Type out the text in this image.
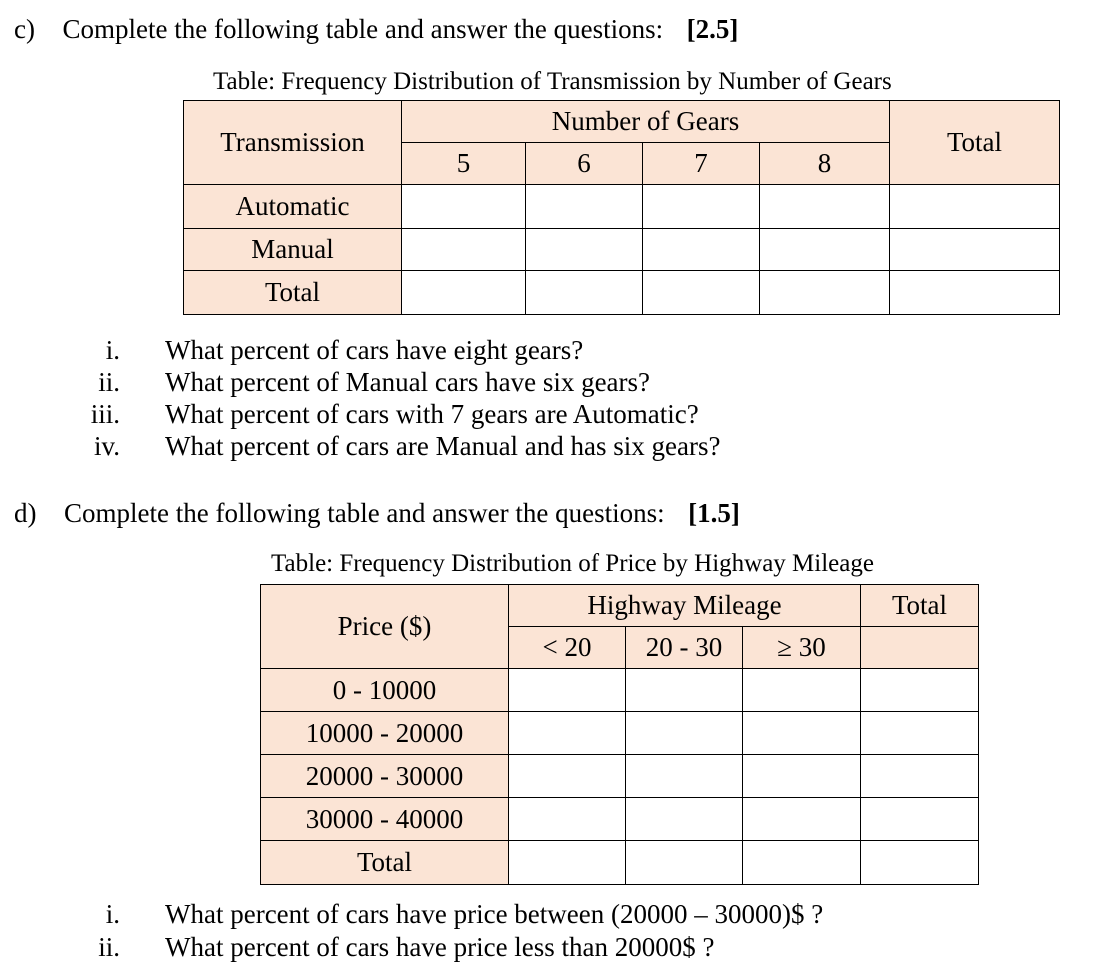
c) Complete the following table and answer the questions: [2.5]
Table: Frequency Distribution of Transmission by Number of Gears
Transmission	Number of Gears				Total
	5	6	7	8	
Automatic					
Manual					
Total					
i. What percent of cars have eight gears?
ii. What percent of Manual cars have six gears?
iii. What percent of cars with 7 gears are Automatic?
iv. What percent of cars are Manual and has six gears?
d) Complete the following table and answer the questions: [1.5]
Table: Frequency Distribution of Price by Highway Mileage
Price ($)	Highway Mileage			Total
	< 20	20 - 30	≥ 30	
0 - 10000				
10000 - 20000				
20000 - 30000				
30000 - 40000				
Total				
i. What percent of cars have price between (20000 – 30000)$ ?
ii. What percent of cars have price less than 20000$ ?
